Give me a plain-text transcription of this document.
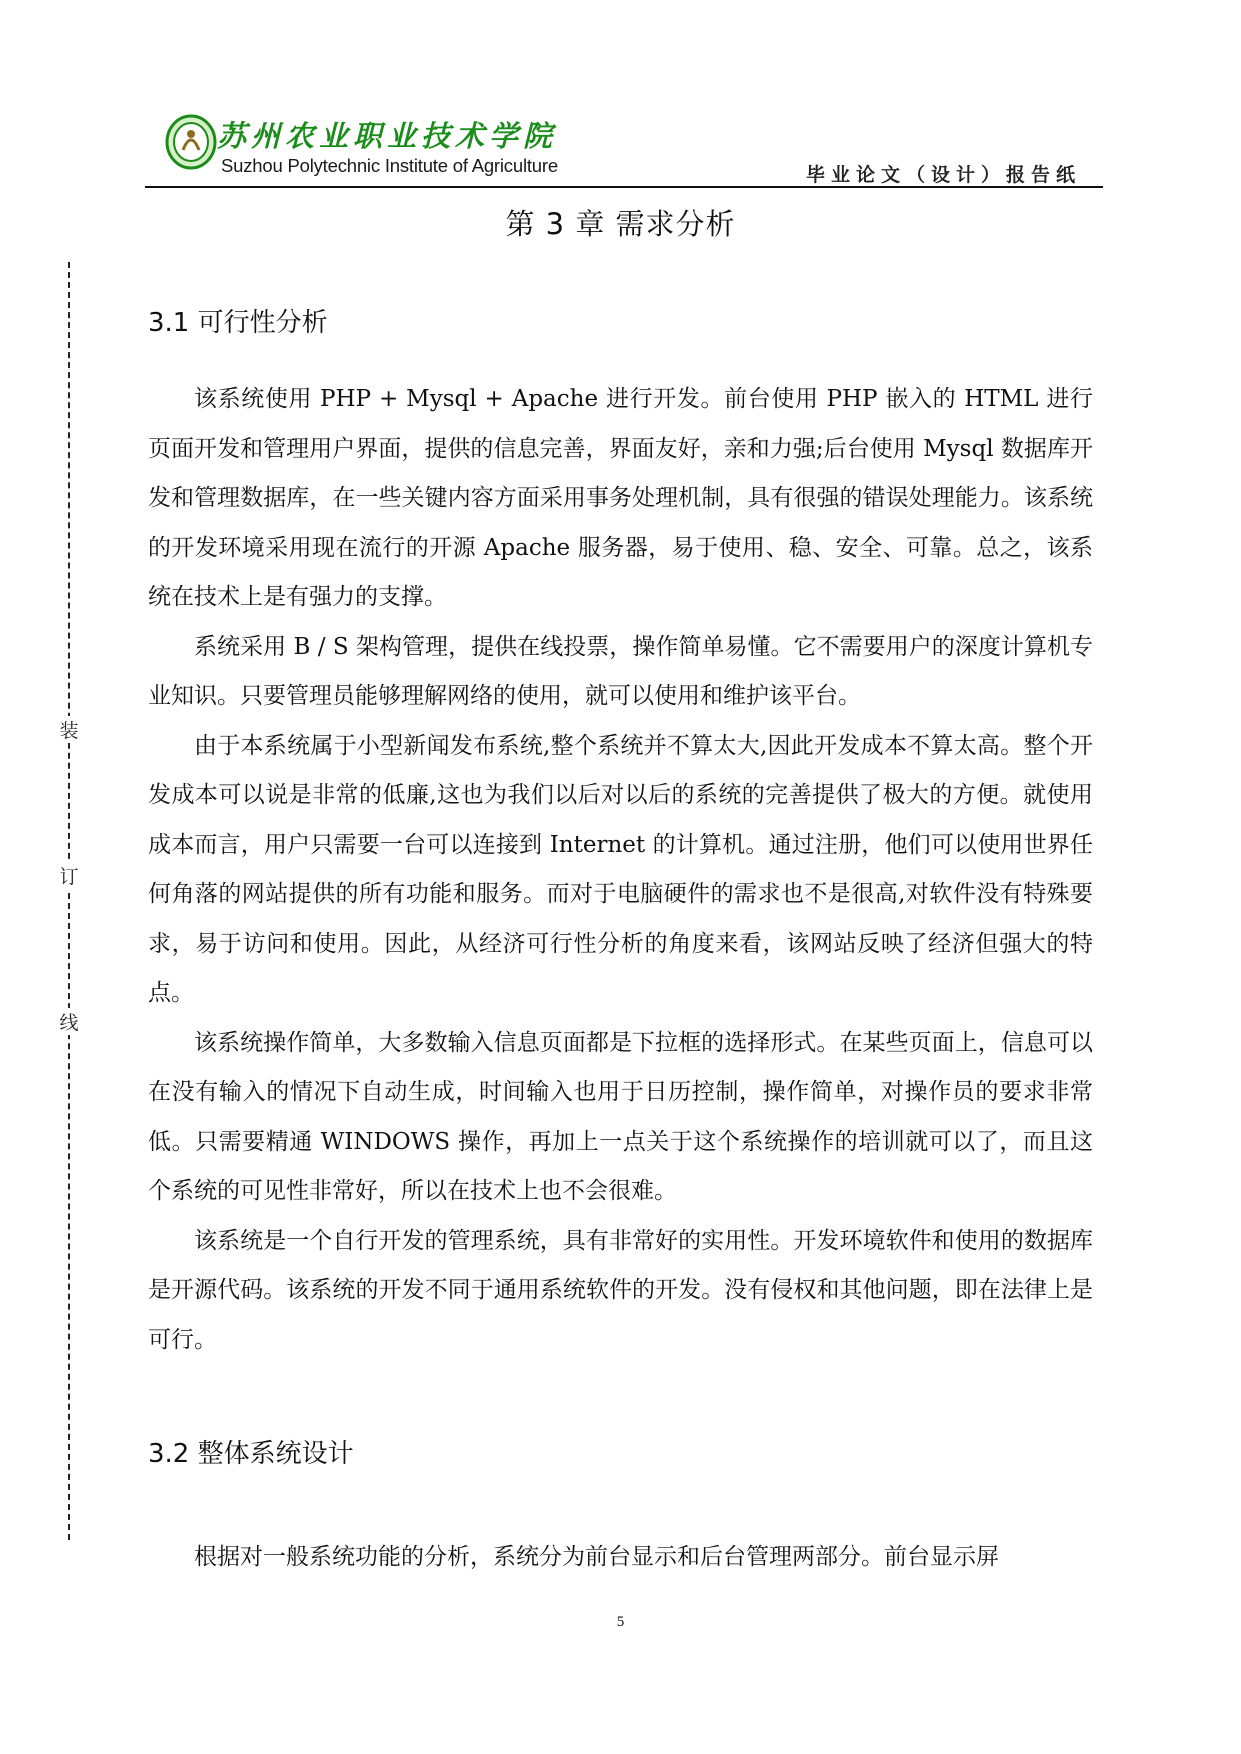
苏州农业职业技术学院
Suzhou Polytechnic Institute of Agriculture	毕业论文（设计）报告纸
第 3 章 需求分析
装
订
线
3.1 可行性分析

该系统使用 PHP + Mysql + Apache 进行开发。前台使用 PHP 嵌入的 HTML 进行页面开发和管理用户界面，提供的信息完善，界面友好，亲和力强;后台使用 Mysql 数据库开发和管理数据库，在一些关键内容方面采用事务处理机制，具有很强的错误处理能力。该系统的开发环境采用现在流行的开源 Apache 服务器，易于使用、稳、安全、可靠。总之，该系统在技术上是有强力的支撑。

系统采用 B / S 架构管理，提供在线投票，操作简单易懂。它不需要用户的深度计算机专业知识。只要管理员能够理解网络的使用，就可以使用和维护该平台。

由于本系统属于小型新闻发布系统,整个系统并不算太大,因此开发成本不算太高。整个开发成本可以说是非常的低廉,这也为我们以后对以后的系统的完善提供了极大的方便。就使用成本而言，用户只需要一台可以连接到 Internet 的计算机。通过注册，他们可以使用世界任何角落的网站提供的所有功能和服务。而对于电脑硬件的需求也不是很高,对软件没有特殊要求，易于访问和使用。因此，从经济可行性分析的角度来看，该网站反映了经济但强大的特点。

该系统操作简单，大多数输入信息页面都是下拉框的选择形式。在某些页面上，信息可以在没有输入的情况下自动生成，时间输入也用于日历控制，操作简单，对操作员的要求非常低。只需要精通 WINDOWS 操作，再加上一点关于这个系统操作的培训就可以了，而且这个系统的可见性非常好，所以在技术上也不会很难。

该系统是一个自行开发的管理系统，具有非常好的实用性。开发环境软件和使用的数据库是开源代码。该系统的开发不同于通用系统软件的开发。没有侵权和其他问题，即在法律上是可行。

3.2 整体系统设计

根据对一般系统功能的分析，系统分为前台显示和后台管理两部分。前台显示屏

5
